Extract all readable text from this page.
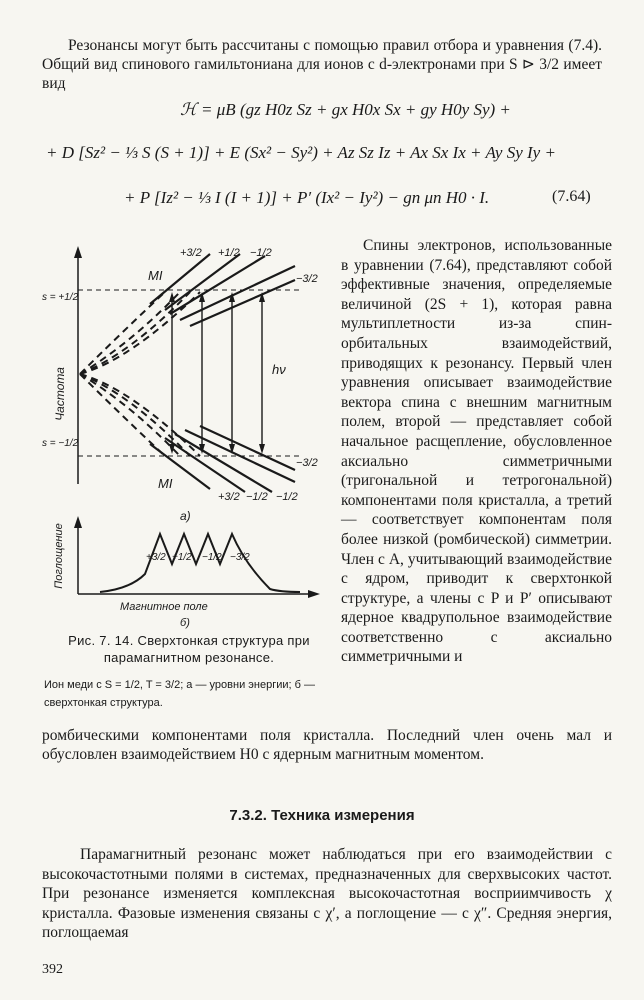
Резонансы могут быть рассчитаны с помощью правил отбора и уравнения (7.4). Общий вид спинового гамильтониана для ионов с d-электронами при S ⊳ 3/2 имеет вид

ℋ = μB (gz H0z Sz + gx H0x Sx + gy H0y Sy) +
+ D [Sz² − ⅓ S (S + 1)] + E (Sx² − Sy²) + Az Sz Iz + Ax Sx Ix + Ay Sy Iy +
+ P [Iz² − ⅓ I (I + 1)] + P′ (Ix² − Iy²) − gn μn H0 · I.	(7.64)
Частота
MI
+3/2 +1/2 −1/2
−3/2
s = +1/2
s = −1/2
hν
MI
+3/2 −1/2 −1/2
−3/2
а)
Поглощение	+3/2 +1/2 −1/2 −3/2
Магнитное поле
б)
Рис. 7. 14. Сверхтонкая структура при парамагнитном резонансе.
Ион меди с S = 1/2, T = 3/2; а — уровни энергии; б — сверхтонкая структура.

Спины электронов, использованные в уравнении (7.64), представляют собой эффективные значения, определяемые величиной (2S + 1), которая равна мультиплетности из-за спин-орбитальных взаимодействий, приводящих к резонансу. Первый член уравнения описывает взаимодействие вектора спина с внешним магнитным полем, второй — представляет собой начальное расщепление, обусловленное аксиально симметричными (тригональной и тетрогональной) компонентами поля кристалла, а третий — соответствует компонентам поля более низкой (ромбической) симметрии. Член с A, учитывающий взаимодействие с ядром, приводит к сверхтонкой структуре, а члены с P и P′ описывают ядерное квадрупольное взаимодействие соответственно с аксиально симметричными и

ромбическими компонентами поля кристалла. Последний член очень мал и обусловлен взаимодействием H0 с ядерным магнитным моментом.

7.3.2. Техника измерения

Парамагнитный резонанс может наблюдаться при его взаимодействии с высокочастотными полями в системах, предназначенных для сверхвысоких частот. При резонансе изменяется комплексная высокочастотная восприимчивость χ кристалла. Фазовые изменения связаны с χ′, а поглощение — с χ″. Средняя энергия, поглощаемая

392
